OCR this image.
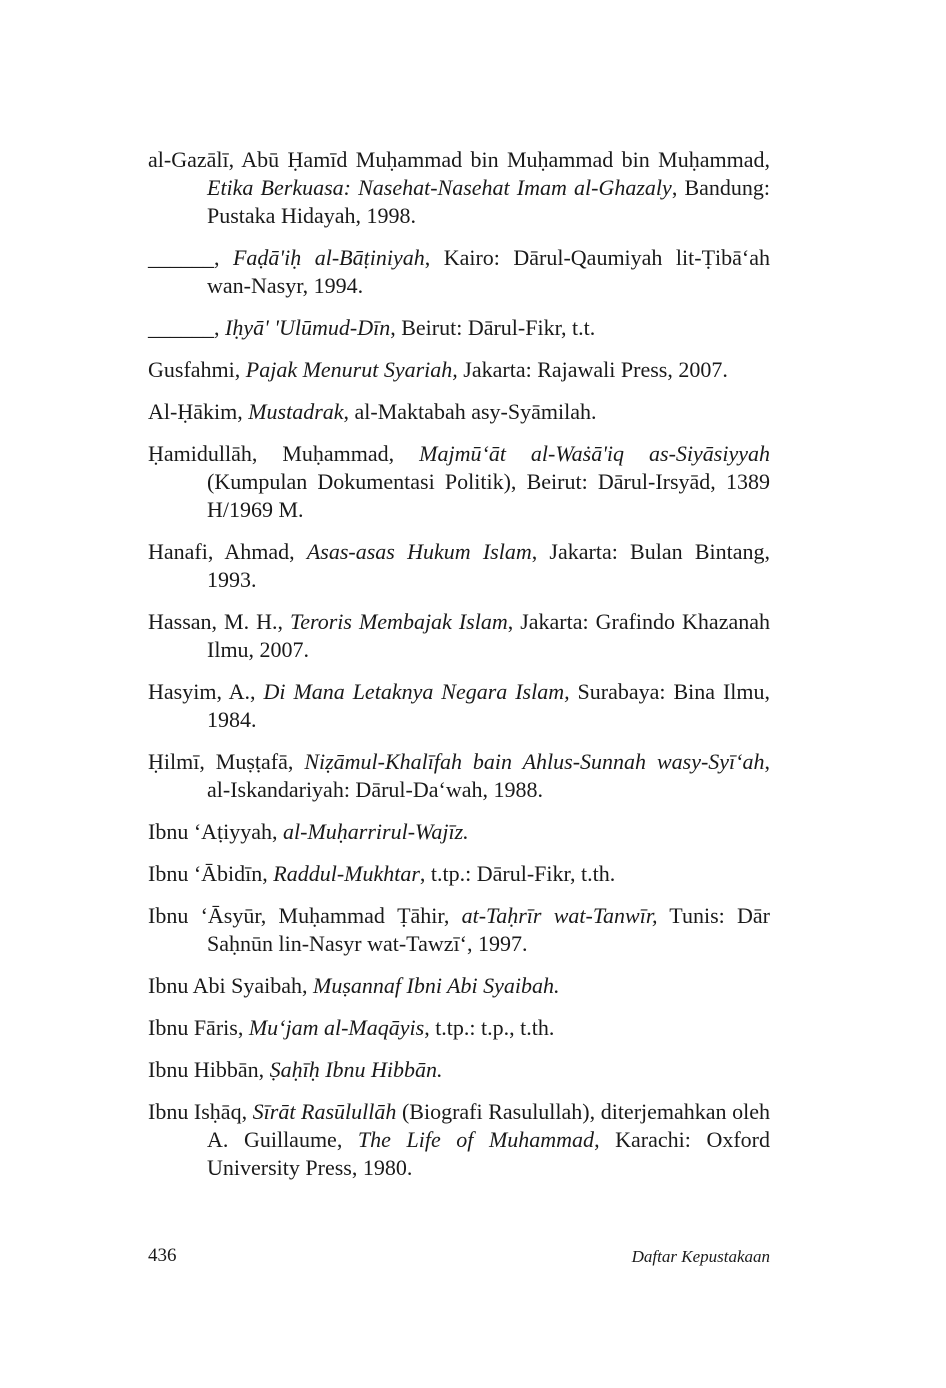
al-Gazālī, Abū Ḥamīd Muḥammad bin Muḥammad bin Muḥammad, Etika Berkuasa: Nasehat-Nasehat Imam al-Ghazaly, Bandung: Pustaka Hidayah, 1998.
______, Faḍā'iḥ al-Bāṭiniyah, Kairo: Dārul-Qaumiyah lit-Ṭibā‘ah wan-Nasyr, 1994.
______, Iḥyā' 'Ulūmud-Dīn, Beirut: Dārul-Fikr, t.t.
Gusfahmi, Pajak Menurut Syariah, Jakarta: Rajawali Press, 2007.
Al-Ḥākim, Mustadrak, al-Maktabah asy-Syāmilah.
Ḥamidullāh, Muḥammad, Majmū‘āt al-Waṡā'iq as-Siyāsiyyah (Kumpulan Dokumentasi Politik), Beirut: Dārul-Irsyād, 1389 H/1969 M.
Hanafi, Ahmad, Asas-asas Hukum Islam, Jakarta: Bulan Bintang, 1993.
Hassan, M. H., Teroris Membajak Islam, Jakarta: Grafindo Khazanah Ilmu, 2007.
Hasyim, A., Di Mana Letaknya Negara Islam, Surabaya: Bina Ilmu, 1984.
Ḥilmī, Muṣṭafā, Niẓāmul-Khalīfah bain Ahlus-Sunnah wasy-Syī‘ah, al-Iskandariyah: Dārul-Da‘wah, 1988.
Ibnu ‘Aṭiyyah, al-Muḥarrirul-Wajīz.
Ibnu ‘Ābidīn, Raddul-Mukhtar, t.tp.: Dārul-Fikr, t.th.
Ibnu ‘Āsyūr, Muḥammad Ṭāhir, at-Taḥrīr wat-Tanwīr, Tunis: Dār Saḥnūn lin-Nasyr wat-Tawzī‘, 1997.
Ibnu Abi Syaibah, Muṣannaf Ibni Abi Syaibah.
Ibnu Fāris, Mu‘jam al-Maqāyis, t.tp.: t.p., t.th.
Ibnu Hibbān, Ṣaḥīḥ Ibnu Hibbān.
Ibnu Isḥāq, Sīrāt Rasūlullāh (Biografi Rasulullah), diterjemahkan oleh A. Guillaume, The Life of Muhammad, Karachi: Oxford University Press, 1980.
436	Daftar Kepustakaan
